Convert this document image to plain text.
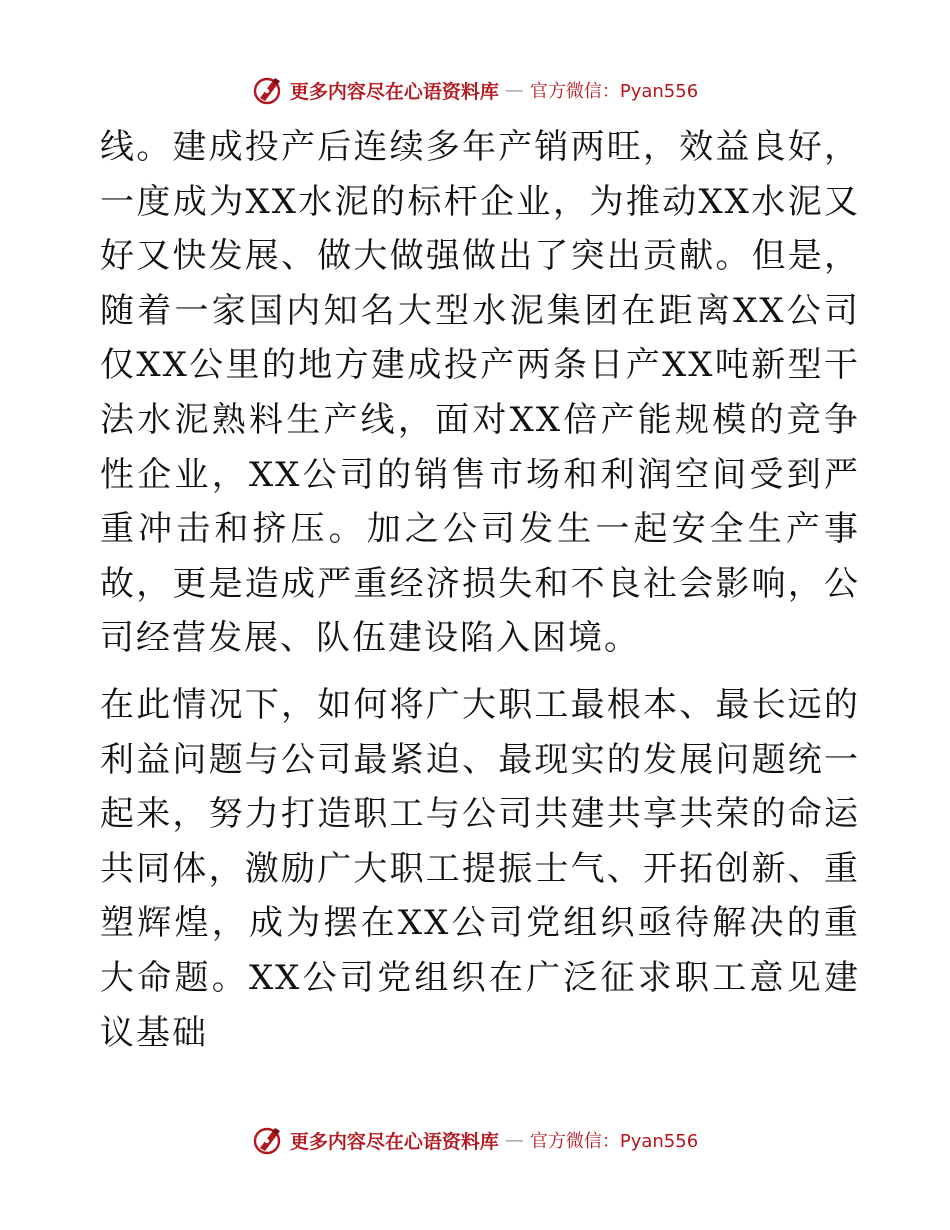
更多内容尽在心语资料库 — 官方微信：Pyan556

线。建成投产后连续多年产销两旺，效益良好，一度成为XX水泥的标杆企业，为推动XX水泥又好又快发展、做大做强做出了突出贡献。但是，随着一家国内知名大型水泥集团在距离XX公司仅XX公里的地方建成投产两条日产XX吨新型干法水泥熟料生产线，面对XX倍产能规模的竞争性企业，XX公司的销售市场和利润空间受到严重冲击和挤压。加之公司发生一起安全生产事故，更是造成严重经济损失和不良社会影响，公司经营发展、队伍建设陷入困境。

在此情况下，如何将广大职工最根本、最长远的利益问题与公司最紧迫、最现实的发展问题统一起来，努力打造职工与公司共建共享共荣的命运共同体，激励广大职工提振士气、开拓创新、重塑辉煌，成为摆在XX公司党组织亟待解决的重大命题。XX公司党组织在广泛征求职工意见建议基础

更多内容尽在心语资料库 — 官方微信：Pyan556
